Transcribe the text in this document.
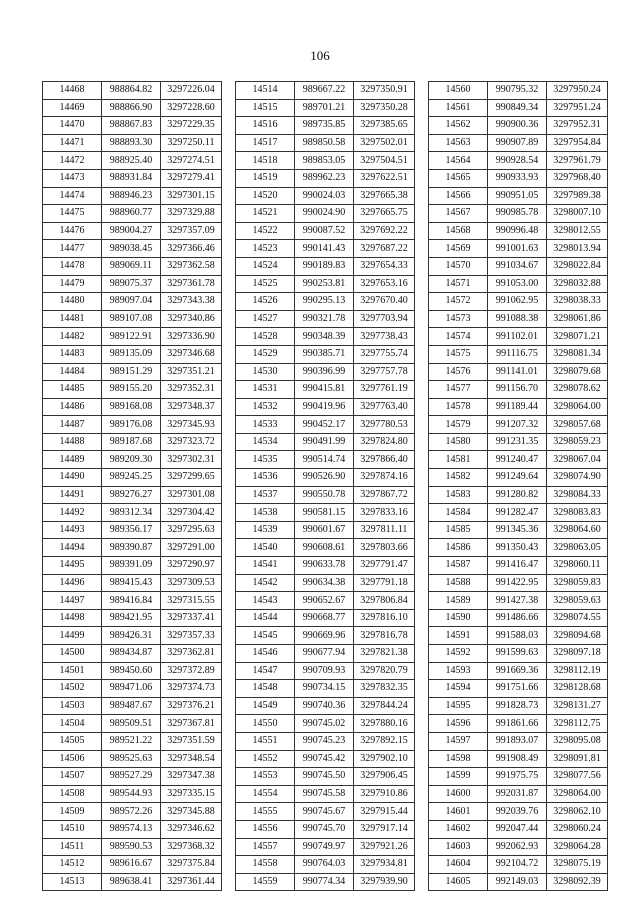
106
14468	988864.82	3297226.04
14469	988866.90	3297228.60
14470	988867.83	3297229.35
14471	988893.30	3297250.11
14472	988925.40	3297274.51
14473	988931.84	3297279.41
14474	988946.23	3297301.15
14475	988960.77	3297329.88
14476	989004.27	3297357.09
14477	989038.45	3297366.46
14478	989069.11	3297362.58
14479	989075.37	3297361.78
14480	989097.04	3297343.38
14481	989107.08	3297340.86
14482	989122.91	3297336.90
14483	989135.09	3297346.68
14484	989151.29	3297351.21
14485	989155.20	3297352.31
14486	989168.08	3297348.37
14487	989176.08	3297345.93
14488	989187.68	3297323.72
14489	989209.30	3297302.31
14490	989245.25	3297299.65
14491	989276.27	3297301.08
14492	989312.34	3297304.42
14493	989356.17	3297295.63
14494	989390.87	3297291.00
14495	989391.09	3297290.97
14496	989415.43	3297309.53
14497	989416.84	3297315.55
14498	989421.95	3297337.41
14499	989426.31	3297357.33
14500	989434.87	3297362.81
14501	989450.60	3297372.89
14502	989471.06	3297374.73
14503	989487.67	3297376.21
14504	989509.51	3297367.81
14505	989521.22	3297351.59
14506	989525.63	3297348.54
14507	989527.29	3297347.38
14508	989544.93	3297335.15
14509	989572.26	3297345.88
14510	989574.13	3297346.62
14511	989590.53	3297368.32
14512	989616.67	3297375.84
14513	989638.41	3297361.44
14514	989667.22	3297350.91
14515	989701.21	3297350.28
14516	989735.85	3297385.65
14517	989850.58	3297502.01
14518	989853.05	3297504.51
14519	989962.23	3297622.51
14520	990024.03	3297665.38
14521	990024.90	3297665.75
14522	990087.52	3297692.22
14523	990141.43	3297687.22
14524	990189.83	3297654.33
14525	990253.81	3297653.16
14526	990295.13	3297670.40
14527	990321.78	3297703.94
14528	990348.39	3297738.43
14529	990385.71	3297755.74
14530	990396.99	3297757.78
14531	990415.81	3297761.19
14532	990419.96	3297763.40
14533	990452.17	3297780.53
14534	990491.99	3297824.80
14535	990514.74	3297866.40
14536	990526.90	3297874.16
14537	990550.78	3297867.72
14538	990581.15	3297833.16
14539	990601.67	3297811.11
14540	990608.61	3297803.66
14541	990633.78	3297791.47
14542	990634.38	3297791.18
14543	990652.67	3297806.84
14544	990668.77	3297816.10
14545	990669.96	3297816.78
14546	990677.94	3297821.38
14547	990709.93	3297820.79
14548	990734.15	3297832.35
14549	990740.36	3297844.24
14550	990745.02	3297880.16
14551	990745.23	3297892.15
14552	990745.42	3297902.10
14553	990745.50	3297906.45
14554	990745.58	3297910.86
14555	990745.67	3297915.44
14556	990745.70	3297917.14
14557	990749.97	3297921.26
14558	990764.03	3297934.81
14559	990774.34	3297939.90
14560	990795.32	3297950.24
14561	990849.34	3297951.24
14562	990900.36	3297952.31
14563	990907.89	3297954.84
14564	990928.54	3297961.79
14565	990933.93	3297968.40
14566	990951.05	3297989.38
14567	990985.78	3298007.10
14568	990996.48	3298012.55
14569	991001.63	3298013.94
14570	991034.67	3298022.84
14571	991053.00	3298032.88
14572	991062.95	3298038.33
14573	991088.38	3298061.86
14574	991102.01	3298071.21
14575	991116.75	3298081.34
14576	991141.01	3298079.68
14577	991156.70	3298078.62
14578	991189.44	3298064.00
14579	991207.32	3298057.68
14580	991231.35	3298059.23
14581	991240.47	3298067.04
14582	991249.64	3298074.90
14583	991280.82	3298084.33
14584	991282.47	3298083.83
14585	991345.36	3298064.60
14586	991350.43	3298063.05
14587	991416.47	3298060.11
14588	991422.95	3298059.83
14589	991427.38	3298059.63
14590	991486.66	3298074.55
14591	991588.03	3298094.68
14592	991599.63	3298097.18
14593	991669.36	3298112.19
14594	991751.66	3298128.68
14595	991828.73	3298131.27
14596	991861.66	3298112.75
14597	991893.07	3298095.08
14598	991908.49	3298091.81
14599	991975.75	3298077.56
14600	992031.87	3298064.00
14601	992039.76	3298062.10
14602	992047.44	3298060.24
14603	992062.93	3298064.28
14604	992104.72	3298075.19
14605	992149.03	3298092.39
